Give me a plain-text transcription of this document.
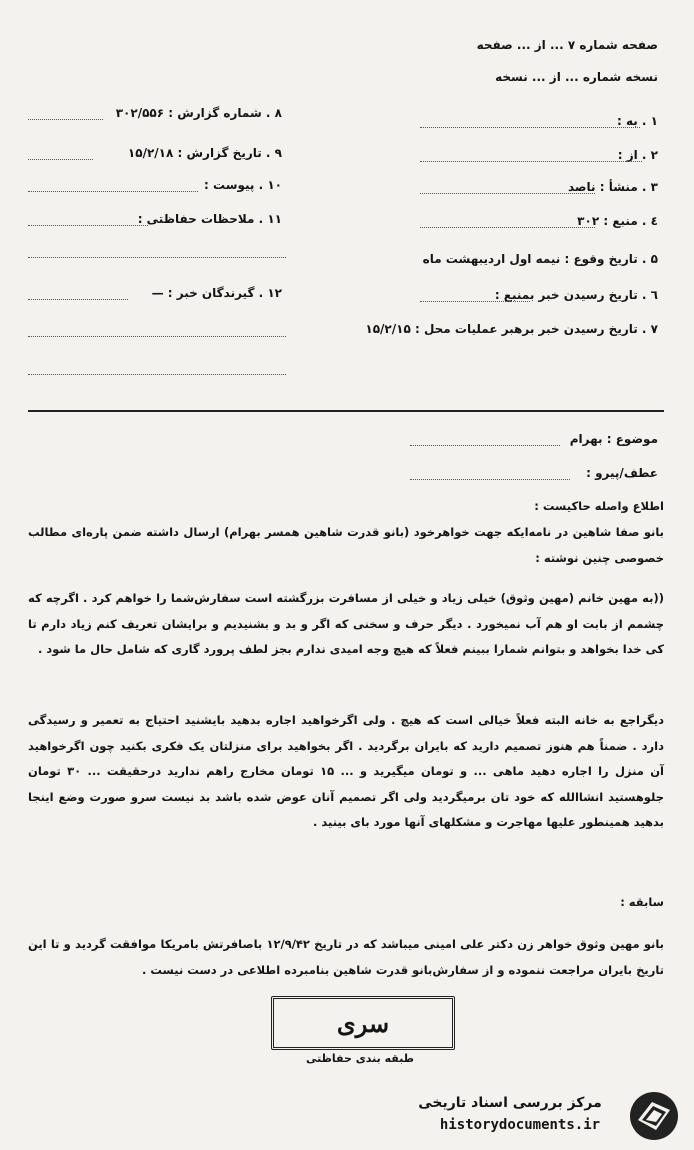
صفحه شماره ۷ ... از ... صفحه
نسخه شماره ... از ... نسخه
۱ . به :
۲ . از :
۳ . منشأ : ناصد
٤ . منبع : ۳۰۲
۵ . تاریخ وقوع : نیمه اول اردیبهشت ماه
٦ . تاریخ رسیدن خبر بمنبع :
۷ . تاریخ رسیدن خبر برهبر عملیات محل : ۱۵/۲/۱۵
۸ . شماره گزارش : ۳۰۲/۵۵۶
۹ . تاریخ گزارش : ۱۵/۲/۱۸
۱۰ . پیوست :
۱۱ . ملاحظات حفاظتی :
۱۲ . گیرندگان خبر : —
موضوع : بهرام
عطف/پیرو :
اطلاع واصله حاکیست :
بانو صفا شاهین در نامه‌ایکه جهت خواهرخود (بانو قدرت شاهین همسر بهرام) ارسال داشته ضمن پاره‌ای مطالب خصوصی چنین نوشته :
((به مهین خانم (مهین وثوق) خیلی زیاد و خیلی از مسافرت بزرگشته است سفارش‌شما را خواهم کرد . اگرچه که چشمم از بابت او هم آب نمیخورد . دیگر حرف و سخنی که اگر و بد و بشنیدیم و برایشان تعریف کنم زیاد دارم تا کی خدا بخواهد و بتوانم شمارا ببینم فعلاً که هیچ وجه امیدی ندارم بجز لطف پرورد گاری که شامل حال ما شود .
دیگراجع به خانه البته فعلاً خیالی است که هیچ . ولی اگرخواهید اجاره بدهید بایشنید احتیاج به تعمیر و رسیدگی دارد . ضمناً هم هنوز تصمیم دارید که بایران برگردید . اگر بخواهید برای منزلتان یک فکری بکنید چون اگرخواهید آن منزل را اجاره دهید ماهی ... و تومان میگیرید و ... ۱۵ تومان مخارج راهم ندارید درحقیقت ... ۳۰ تومان جلوهستید انشاالله که خود تان برمیگردید ولی اگر تصمیم آنان عوض شده باشد بد نیست سرو صورت وضع اینجا بدهید همینطور علیها مهاجرت و مشکلهای آنها مورد بای بینید .
سابقه :
بانو مهین وثوق خواهر زن دکتر علی امینی میباشد که در تاریخ ۱۲/۹/۴۲ باصافرتش بامریکا موافقت گردید و تا این تاریخ بایران مراجعت ننموده و از سفارش‌بانو قدرت شاهین بنامبرده اطلاعی در دست نیست .
سری
طبقه بندی حفاظتی
مرکز بررسی اسناد تاریخی
historydocuments.ir
